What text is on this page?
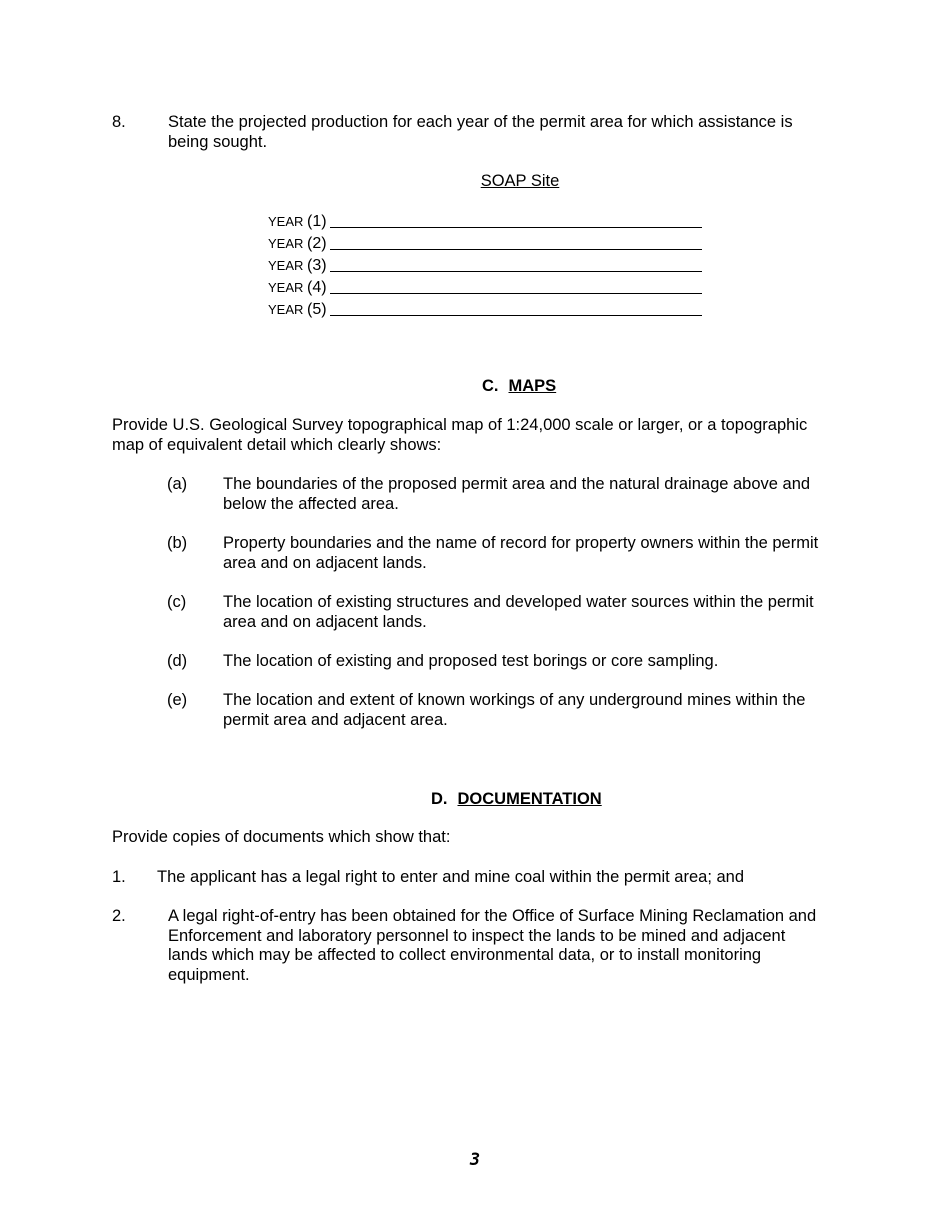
8.	State the projected production for each year of the permit area for which assistance is being sought.
SOAP Site
YEAR (1)
YEAR (2)
YEAR (3)
YEAR (4)
YEAR (5)
C. MAPS
Provide U.S. Geological Survey topographical map of 1:24,000 scale or larger, or a topographic map of equivalent detail which clearly shows:
(a) The boundaries of the proposed permit area and the natural drainage above and below the affected area.
(b) Property boundaries and the name of record for property owners within the permit area and on adjacent lands.
(c) The location of existing structures and developed water sources within the permit area and on adjacent lands.
(d) The location of existing and proposed test borings or core sampling.
(e) The location and extent of known workings of any underground mines within the permit area and adjacent area.
D. DOCUMENTATION
Provide copies of documents which show that:
1. The applicant has a legal right to enter and mine coal within the permit area; and
2.	A legal right-of-entry has been obtained for the Office of Surface Mining Reclamation and Enforcement and laboratory personnel to inspect the lands to be mined and adjacent lands which may be affected to collect environmental data, or to install monitoring equipment.
3
